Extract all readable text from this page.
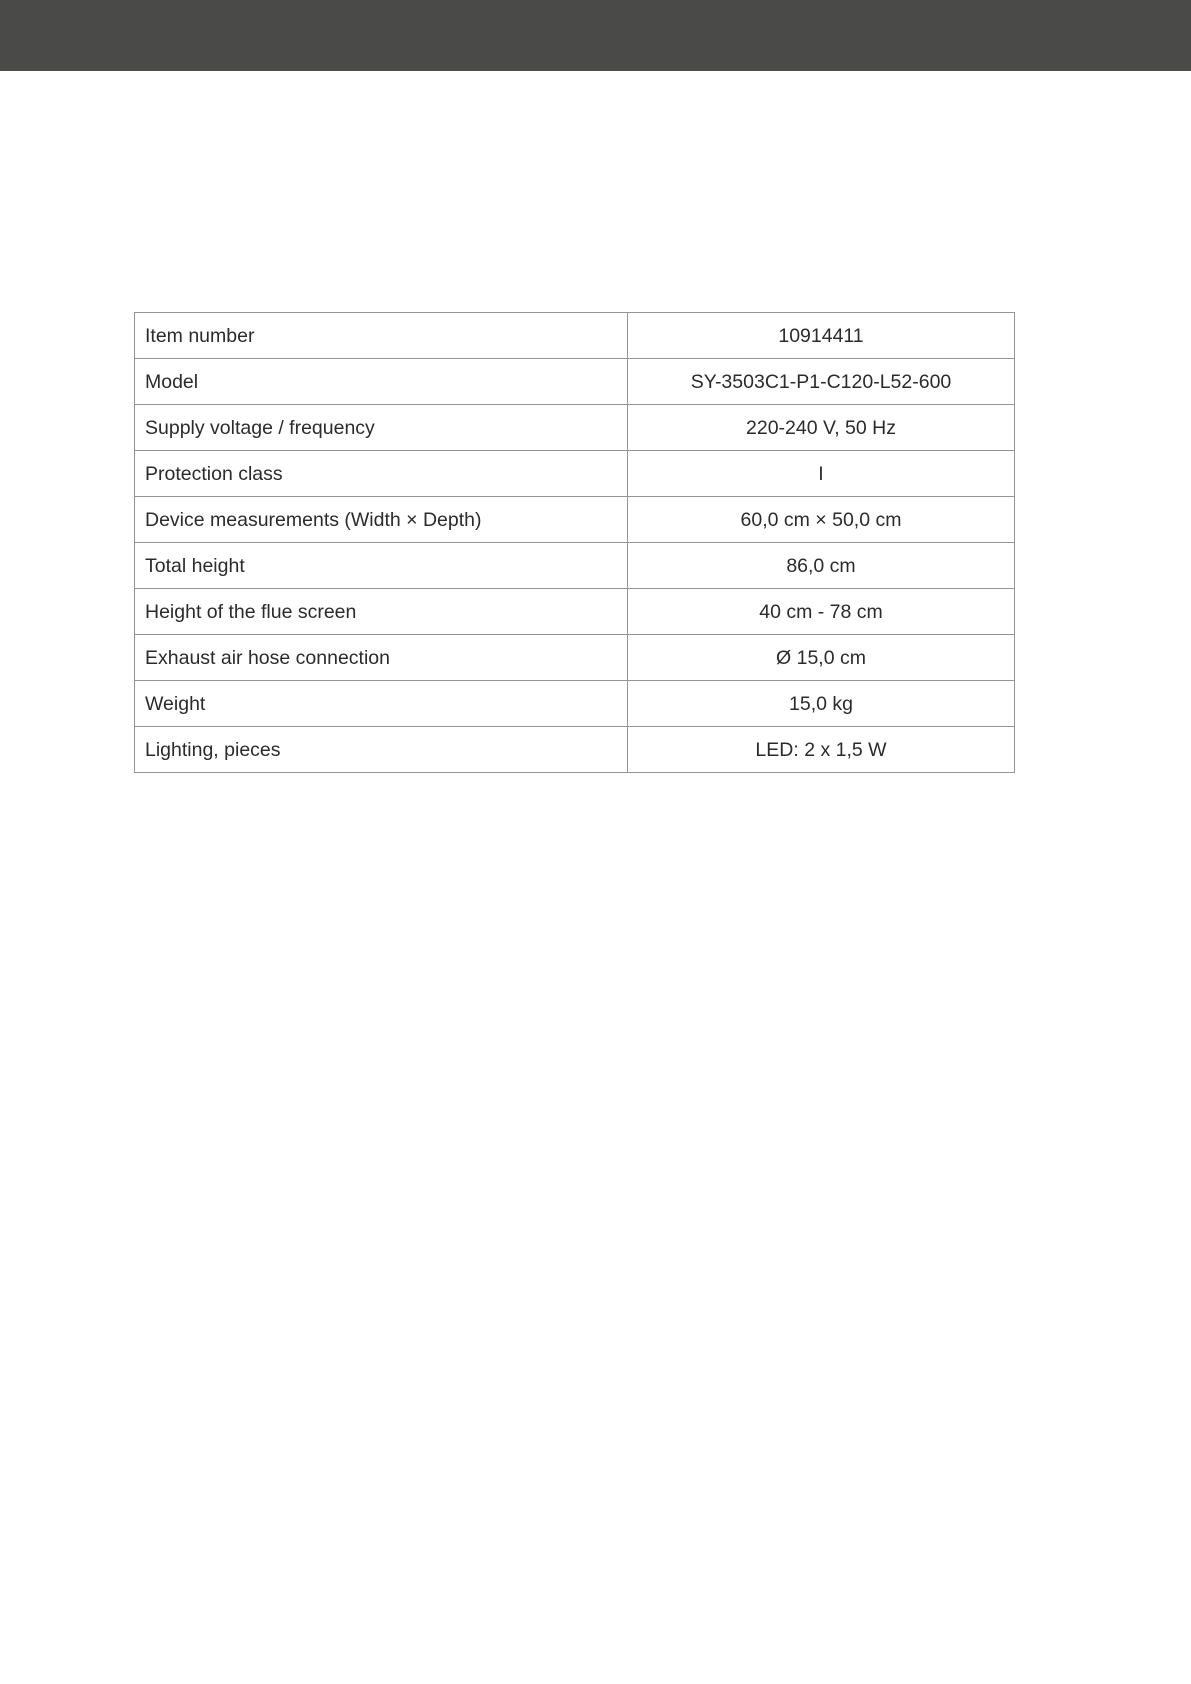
Item number	10914411
Model	SY-3503C1-P1-C120-L52-600
Supply voltage / frequency	220-240 V, 50 Hz
Protection class	I
Device measurements (Width × Depth)	60,0 cm × 50,0 cm
Total height	86,0 cm
Height of the flue screen	40 cm - 78 cm
Exhaust air hose connection	Ø 15,0 cm
Weight	15,0 kg
Lighting, pieces	LED: 2 x 1,5 W
